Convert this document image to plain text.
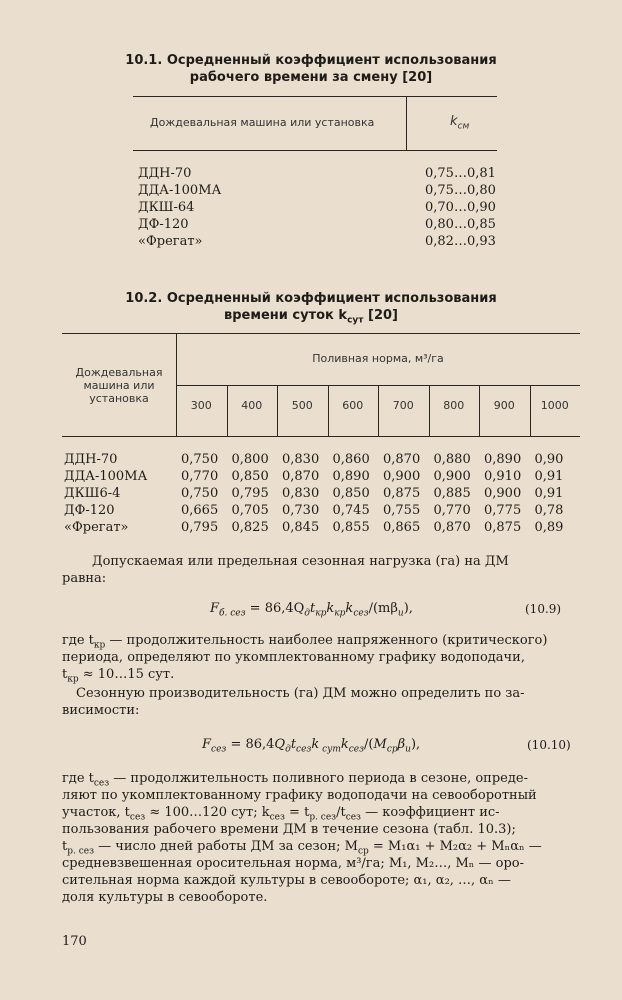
10.1. Осредненный коэффициент использования
рабочего времени за смену [20]
Дождевальная машина или установка	$k_{см}$
ДДН-70	0,75…0,81
ДДА-100МА	0,75…0,80
ДКШ-64	0,70…0,90
ДФ-120	0,80…0,85
«Фрегат»	0,82…0,93
10.2. Осредненный коэффициент использования
времени суток $k_{сут}$ [20]
Дождевальная
машина или
установка
Поливная норма, м³/га
300	400	500	600	700	800	900	1000
ДДН-70	0,750 0,800 0,830 0,860 0,870 0,880 0,890 0,90
ДДА-100МА	0,770 0,850 0,870 0,890 0,900 0,900 0,910 0,91
ДКШ6-4	0,750 0,795 0,830 0,850 0,875 0,885 0,900 0,91
ДФ-120	0,665 0,705 0,730 0,745 0,755 0,770 0,775 0,78
«Фрегат»	0,795 0,825 0,845 0,855 0,865 0,870 0,875 0,89
Допускаемая или предельная сезонная нагрузка (га) на ДМ
равна:
$F_{б. сез} = 86,4Q_дt_{кр}k_{кр}k_{сез}/(m\beta_и)$,	(10.9)
где $t_{кр}$ — продолжительность наиболее напряженного (критического)
периода, определяют по укомплектованному графику водоподачи,
$t_{кр}$ ≈ 10…15 сут.
Сезонную производительность (га) ДМ можно определить по за-
висимости:
$F_{сез} = 86,4Q_дt_{сез}k$ $_{сут}k_{сез}/(M_{ср}\beta_и)$,	(10.10)
где $t_{сез}$ — продолжительность поливного периода в сезоне, опреде-
ляют по укомплектованному графику водоподачи на севооборотный
участок, $t_{сез}$ ≈ 100…120 сут; $k_{сез} = t_{р. сез}/t_{сез}$ — коэффициент ис-
пользования рабочего времени ДМ в течение сезона (табл. 10.3);
$t_{р. сез}$ — число дней работы ДМ за сезон; $M_{ср} = M_1\alpha_1 + M_2\alpha_2 + M_n\alpha_n$ —
средневзвешенная оросительная норма, м³/га; M₁, M₂…, Mₙ — оро-
сительная норма каждой культуры в севообороте; α₁, α₂, …, αₙ —
доля культуры в севообороте.
170
